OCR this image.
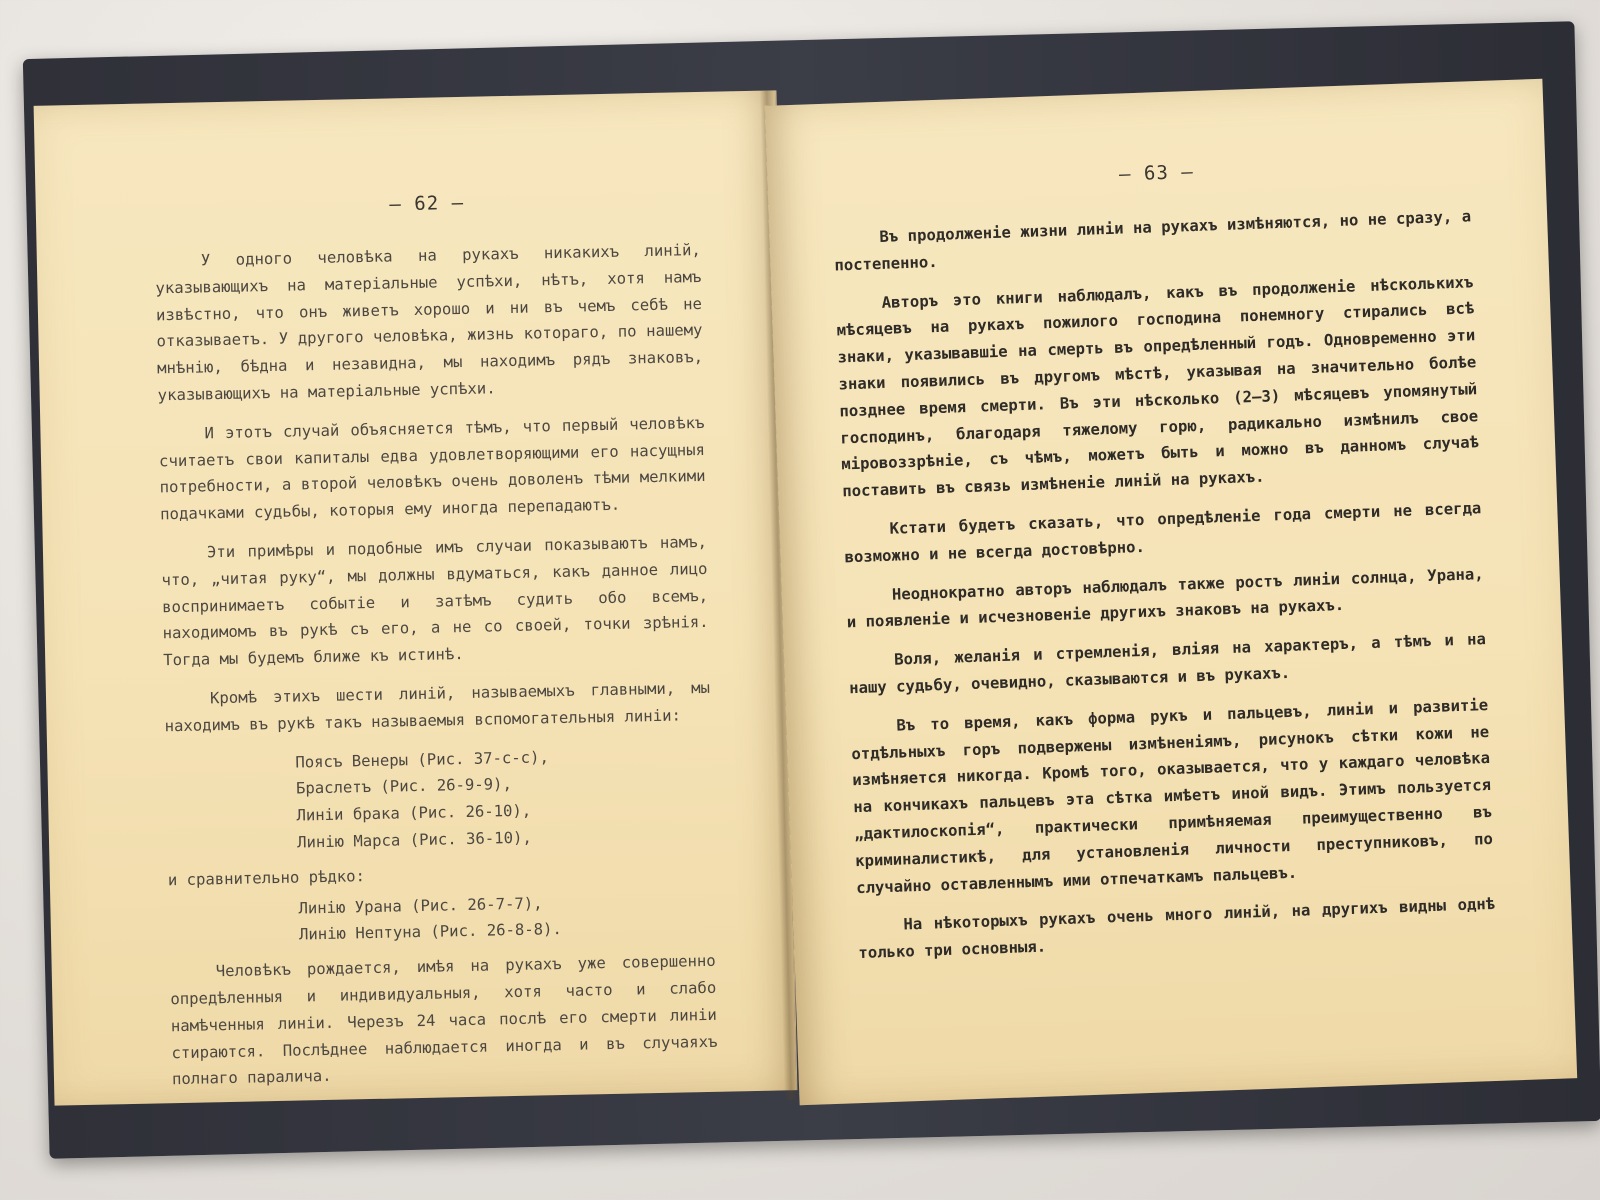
— 62 —

У одного человѣка на рукахъ никакихъ линій, указывающихъ на матеріальные успѣхи, нѣтъ, хотя намъ извѣстно, что онъ живетъ хорошо и ни въ чемъ себѣ не отказываетъ. У другого человѣка, жизнь котораго, по нашему мнѣнію, бѣдна и незавидна, мы находимъ рядъ знаковъ, указывающихъ на матеріальные успѣхи.

И этотъ случай объясняется тѣмъ, что первый человѣкъ считаетъ свои капиталы едва удовлетворяющими его насущныя потребности, а второй человѣкъ очень доволенъ тѣми мелкими подачками судьбы, которыя ему иногда перепадаютъ.

Эти примѣры и подобные имъ случаи показываютъ намъ, что, „читая руку“, мы должны вдуматься, какъ данное лицо воспринимаетъ событіе и затѣмъ судить обо всемъ, находимомъ въ рукѣ съ его, а не со своей, точки зрѣнія. Тогда мы будемъ ближе къ истинѣ.

Кромѣ этихъ шести линій, называемыхъ главными, мы находимъ въ рукѣ такъ называемыя вспомогательныя линіи:

Поясъ Венеры (Рис. 37-с-с),
Браслетъ (Рис. 26-9-9),
Линіи брака (Рис. 26-10),
Линію Марса (Рис. 36-10),

и сравнительно рѣдко:

Линію Урана (Рис. 26-7-7),
Линію Нептуна (Рис. 26-8-8).

Человѣкъ рождается, имѣя на рукахъ уже совершенно опредѣленныя и индивидуальныя, хотя часто и слабо намѣченныя линіи. Черезъ 24 часа послѣ его смерти линіи стираются. Послѣднее наблюдается иногда и въ случаяхъ полнаго паралича.

— 63 —

Въ продолженіе жизни линіи на рукахъ измѣняются, но не сразу, а постепенно.

Авторъ это книги наблюдалъ, какъ въ продолженіе нѣсколькихъ мѣсяцевъ на рукахъ пожилого господина понемногу стирались всѣ знаки, указывавшіе на смерть въ опредѣленный годъ. Одновременно эти знаки появились въ другомъ мѣстѣ, указывая на значительно болѣе позднее время смерти. Въ эти нѣсколько (2—3) мѣсяцевъ упомянутый господинъ, благодаря тяжелому горю, радикально измѣнилъ свое міровоззрѣніе, съ чѣмъ, можетъ быть и можно въ данномъ случаѣ поставить въ связь измѣненіе линій на рукахъ.

Кстати будетъ сказать, что опредѣленіе года смерти не всегда возможно и не всегда достовѣрно.

Неоднократно авторъ наблюдалъ также ростъ линіи солнца, Урана, и появленіе и исчезновеніе другихъ знаковъ на рукахъ.

Воля, желанія и стремленія, вліяя на характеръ, а тѣмъ и на нашу судьбу, очевидно, сказываются и въ рукахъ.

Въ то время, какъ форма рукъ и пальцевъ, линіи и развитіе отдѣльныхъ горъ подвержены измѣненіямъ, рисунокъ сѣтки кожи не измѣняется никогда. Кромѣ того, оказывается, что у каждаго человѣка на кончикахъ пальцевъ эта сѣтка имѣетъ иной видъ. Этимъ пользуется „дактилоскопія“, практически примѣняемая преимущественно въ криминалистикѣ, для установленія личности преступниковъ, по случайно оставленнымъ ими отпечаткамъ пальцевъ.

На нѣкоторыхъ рукахъ очень много линій, на другихъ видны однѣ только три основныя.
